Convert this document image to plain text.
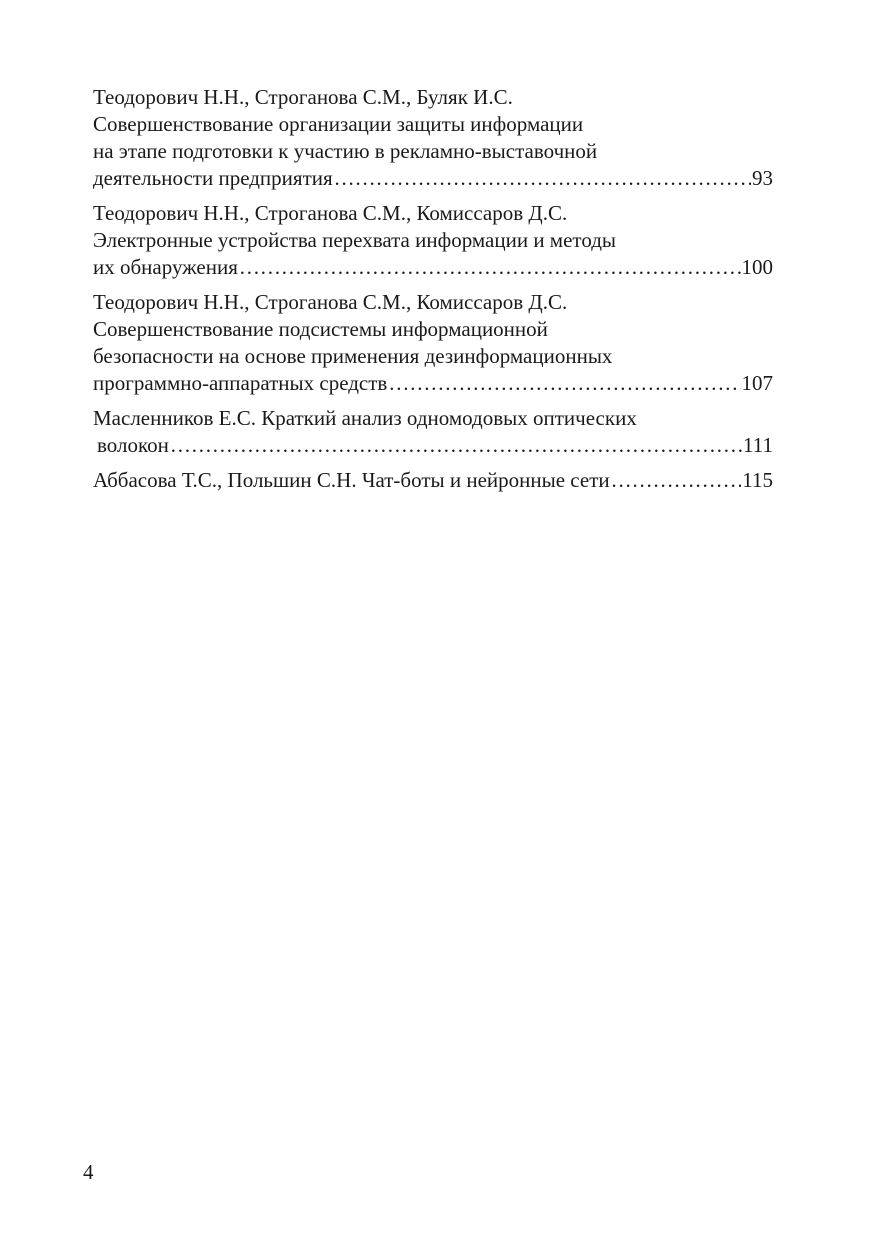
Теодорович Н.Н., Строганова С.М., Буляк И.С.
Совершенствование организации защиты информации
на этапе подготовки к участию в рекламно-выставочной
деятельности предприятия ……………………………………………………………………………………………………………………………………………………	93
Теодорович Н.Н., Строганова С.М., Комиссаров Д.С.
Электронные устройства перехвата информации и методы
их обнаружения ……………………………………………………………………………………………………………………………………………………	100
Теодорович Н.Н., Строганова С.М., Комиссаров Д.С.
Совершенствование подсистемы информационной
безопасности на основе применения дезинформационных
программно-аппаратных средств ……………………………………………………………………………………………………………………………………………………	107
Масленников Е.С. Краткий анализ одномодовых оптических
волокон ……………………………………………………………………………………………………………………………………………………	111
Аббасова Т.С., Польшин С.Н. Чат-боты и нейронные сети ……………………………………………………………………………………………………………………………………………………	115
4
